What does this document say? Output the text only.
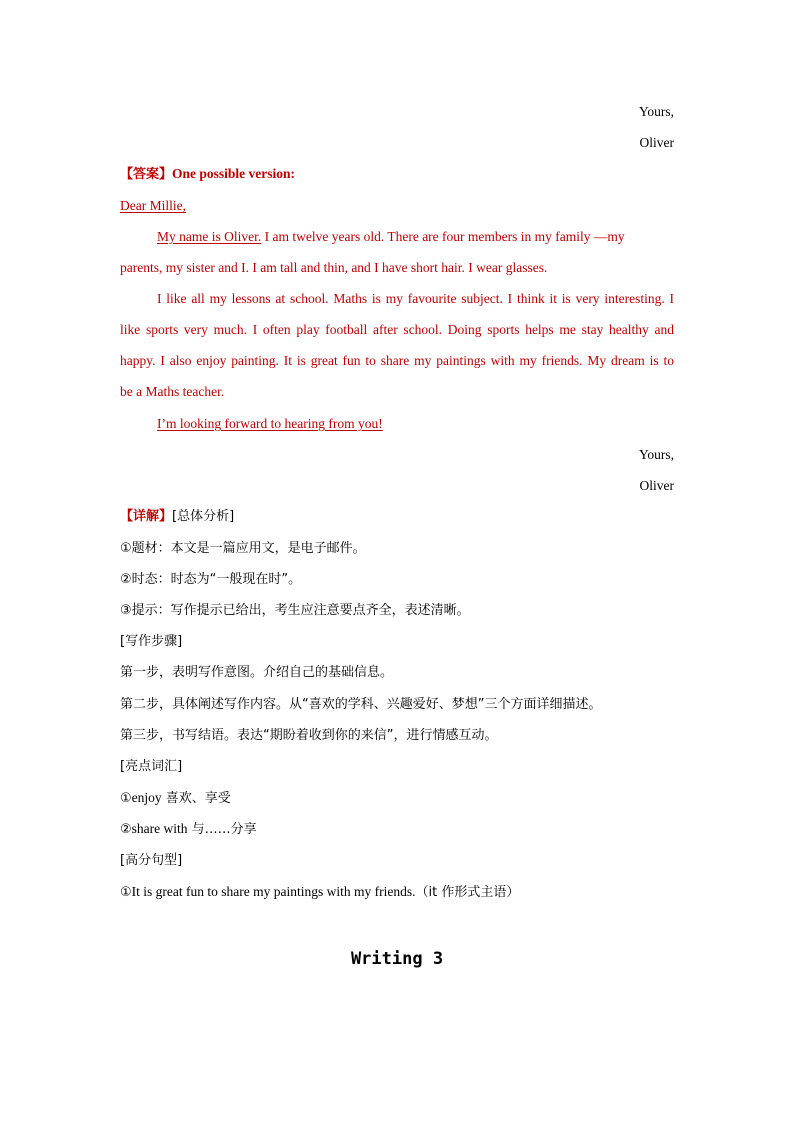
Yours,
Oliver
【答案】One possible version:
Dear Millie,
My name is Oliver. I am twelve years old. There are four members in my family —my
parents, my sister and I. I am tall and thin, and I have short hair. I wear glasses.
I like all my lessons at school. Maths is my favourite subject. I think it is very interesting. I
like sports very much. I often play football after school. Doing sports helps me stay healthy and
happy. I also enjoy painting. It is great fun to share my paintings with my friends. My dream is to
be a Maths teacher.
I’m looking forward to hearing from you!
Yours,
Oliver
【详解】[总体分析]
①题材：本文是一篇应用文，是电子邮件。
②时态：时态为“一般现在时”。
③提示：写作提示已给出，考生应注意要点齐全，表述清晰。
[写作步骤]
第一步，表明写作意图。介绍自己的基础信息。
第二步，具体阐述写作内容。从“喜欢的学科、兴趣爱好、梦想”三个方面详细描述。
第三步，书写结语。表达“期盼着收到你的来信”，进行情感互动。
[亮点词汇]
①enjoy 喜欢、享受
②share with 与……分享
[高分句型]
①It is great fun to share my paintings with my friends.（it 作形式主语）
Writing 3
